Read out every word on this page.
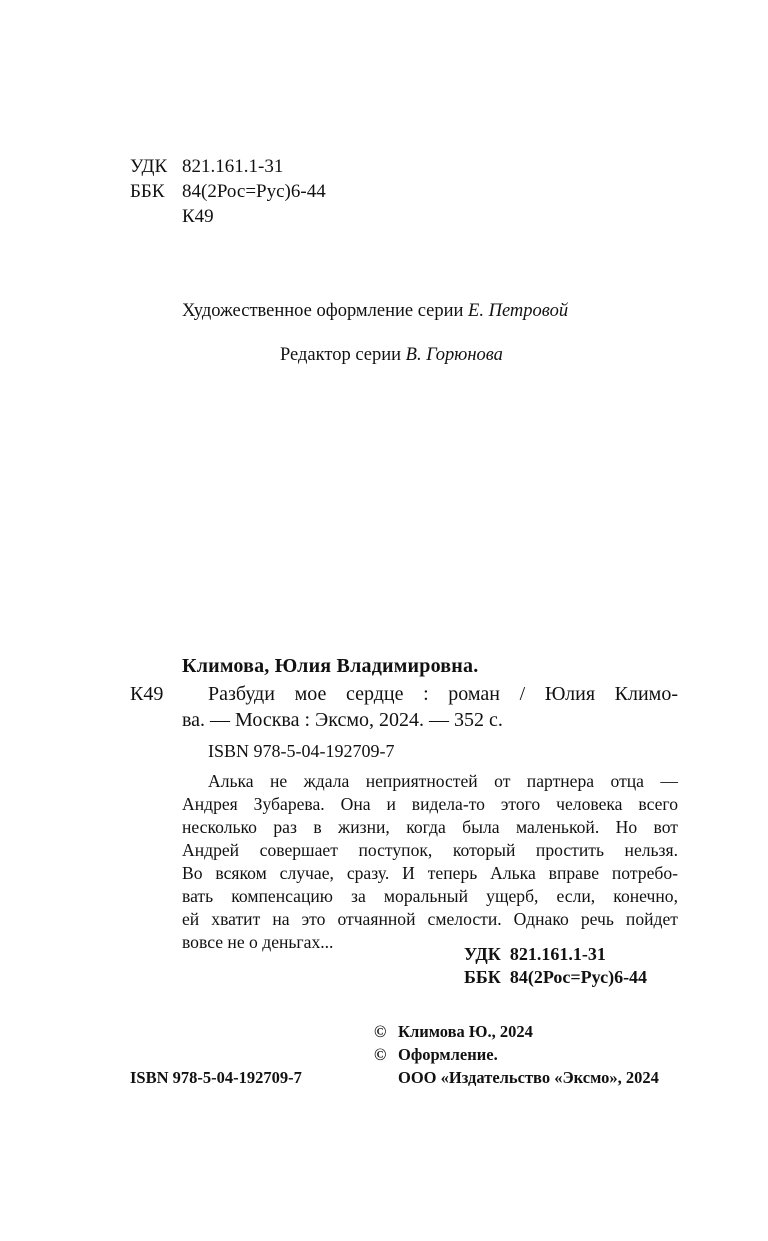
УДК 821.161.1-31
ББК 84(2Рос=Рус)6-44
К49
Художественное оформление серии Е. Петровой
Редактор серии В. Горюнова
Климова, Юлия Владимировна.
К49 Разбуди мое сердце : роман / Юлия Климо-
ва. — Москва : Эксмо, 2024. — 352 с.
ISBN 978-5-04-192709-7
Алька не ждала неприятностей от партнера отца —
Андрея Зубарева. Она и видела-то этого человека всего
несколько раз в жизни, когда была маленькой. Но вот
Андрей совершает поступок, который простить нельзя.
Во всяком случае, сразу. И теперь Алька вправе потребо-
вать компенсацию за моральный ущерб, если, конечно,
ей хватит на это отчаянной смелости. Однако речь пойдет
вовсе не о деньгах...
УДК  821.161.1-31
ББК  84(2Рос=Рус)6-44
© Климова Ю., 2024
© Оформление.
ООО «Издательство «Эксмо», 2024
ISBN 978-5-04-192709-7
